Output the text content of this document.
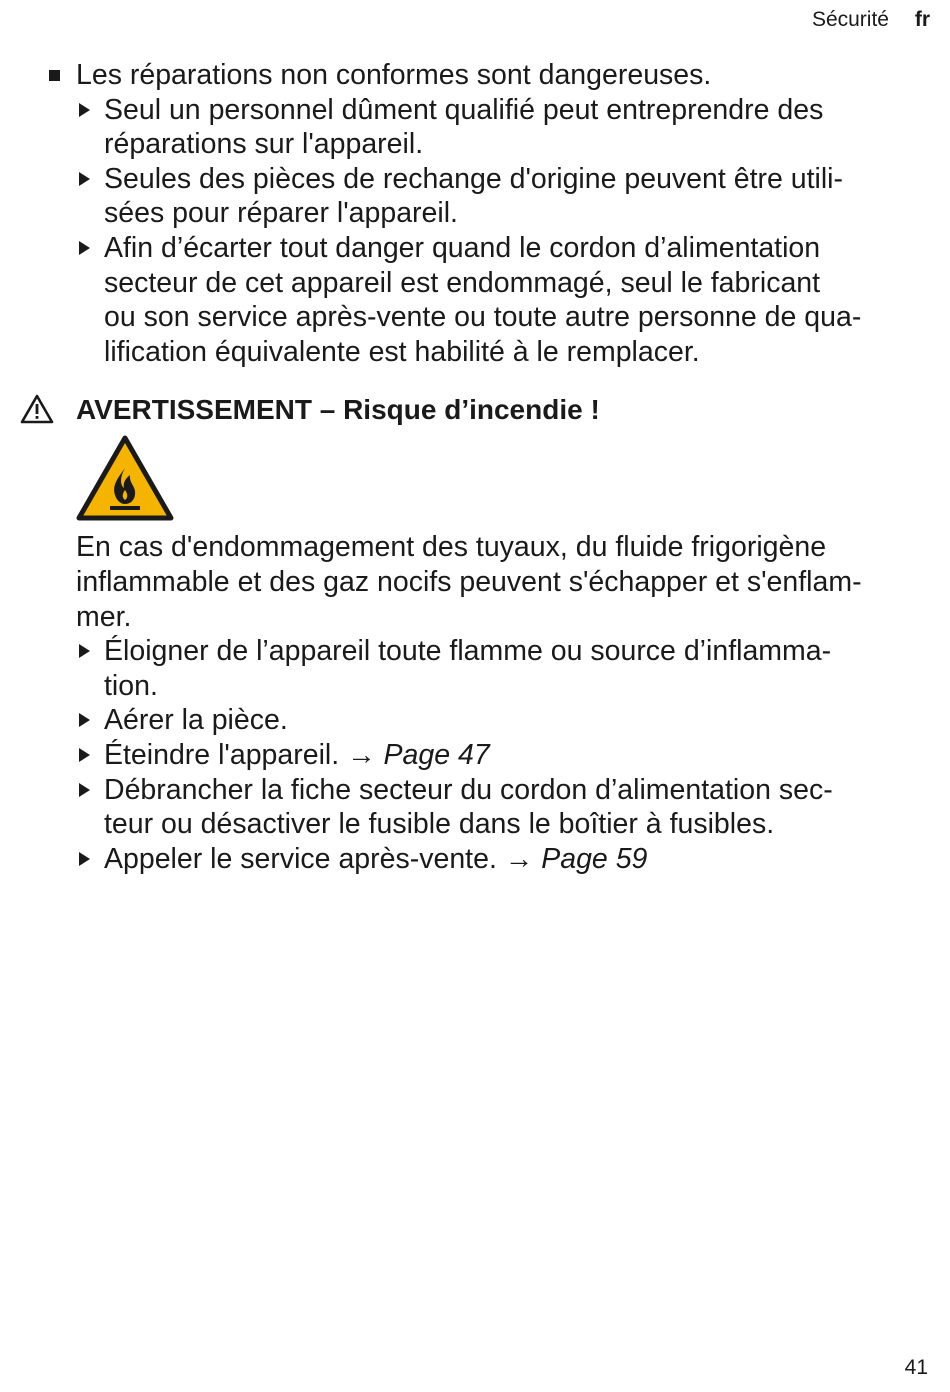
Sécurité fr
Les réparations non conformes sont dangereuses.
Seul un personnel dûment qualifié peut entreprendre des
réparations sur l'appareil.
Seules des pièces de rechange d'origine peuvent être utili-
sées pour réparer l'appareil.
Afin d’écarter tout danger quand le cordon d’alimentation
secteur de cet appareil est endommagé, seul le fabricant
ou son service après-vente ou toute autre personne de qua-
lification équivalente est habilité à le remplacer.
AVERTISSEMENT – Risque d’incendie !
En cas d'endommagement des tuyaux, du fluide frigorigène
inflammable et des gaz nocifs peuvent s'échapper et s'enflam-
mer.
Éloigner de l’appareil toute flamme ou source d’inflamma-
tion.
Aérer la pièce.
Éteindre l'appareil. → Page 47
Débrancher la fiche secteur du cordon d’alimentation sec-
teur ou désactiver le fusible dans le boîtier à fusibles.
Appeler le service après-vente. → Page 59
41
